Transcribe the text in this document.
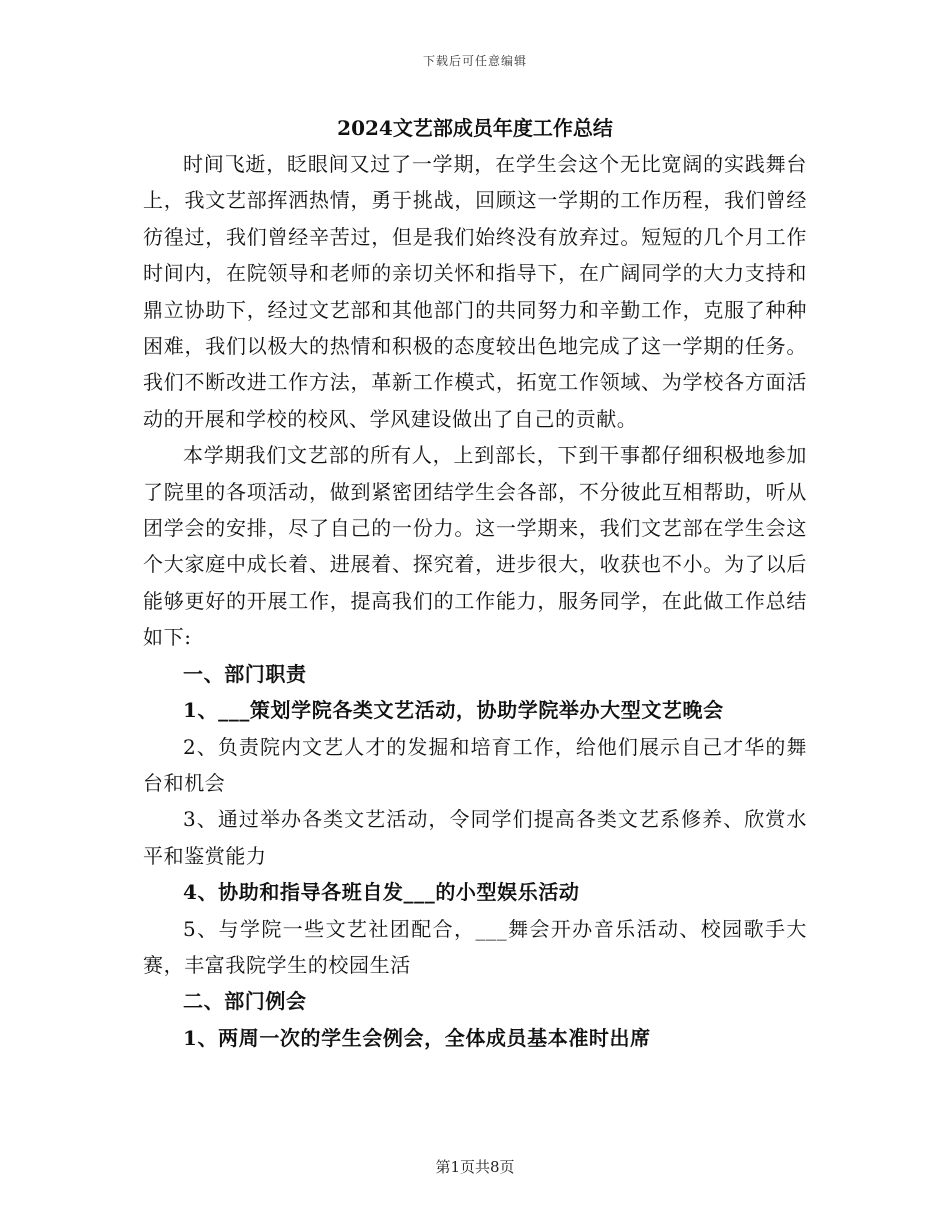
下载后可任意编辑
2024文艺部成员年度工作总结

时间飞逝，眨眼间又过了一学期，在学生会这个无比宽阔的实践舞台上，我文艺部挥洒热情，勇于挑战，回顾这一学期的工作历程，我们曾经彷徨过，我们曾经辛苦过，但是我们始终没有放弃过。短短的几个月工作时间内，在院领导和老师的亲切关怀和指导下，在广阔同学的大力支持和鼎立协助下，经过文艺部和其他部门的共同努力和辛勤工作，克服了种种困难，我们以极大的热情和积极的态度较出色地完成了这一学期的任务。我们不断改进工作方法，革新工作模式，拓宽工作领域、为学校各方面活动的开展和学校的校风、学风建设做出了自己的贡献。

本学期我们文艺部的所有人，上到部长，下到干事都仔细积极地参加了院里的各项活动，做到紧密团结学生会各部，不分彼此互相帮助，听从团学会的安排，尽了自己的一份力。这一学期来，我们文艺部在学生会这个大家庭中成长着、进展着、探究着，进步很大，收获也不小。为了以后能够更好的开展工作，提高我们的工作能力，服务同学，在此做工作总结如下:

一、部门职责

1、___策划学院各类文艺活动，协助学院举办大型文艺晚会

2、负责院内文艺人才的发掘和培育工作，给他们展示自己才华的舞台和机会

3、通过举办各类文艺活动，令同学们提高各类文艺系修养、欣赏水平和鉴赏能力

4、协助和指导各班自发___的小型娱乐活动

5、与学院一些文艺社团配合，___舞会开办音乐活动、校园歌手大赛，丰富我院学生的校园生活

二、部门例会

1、两周一次的学生会例会，全体成员基本准时出席

第1页共8页
